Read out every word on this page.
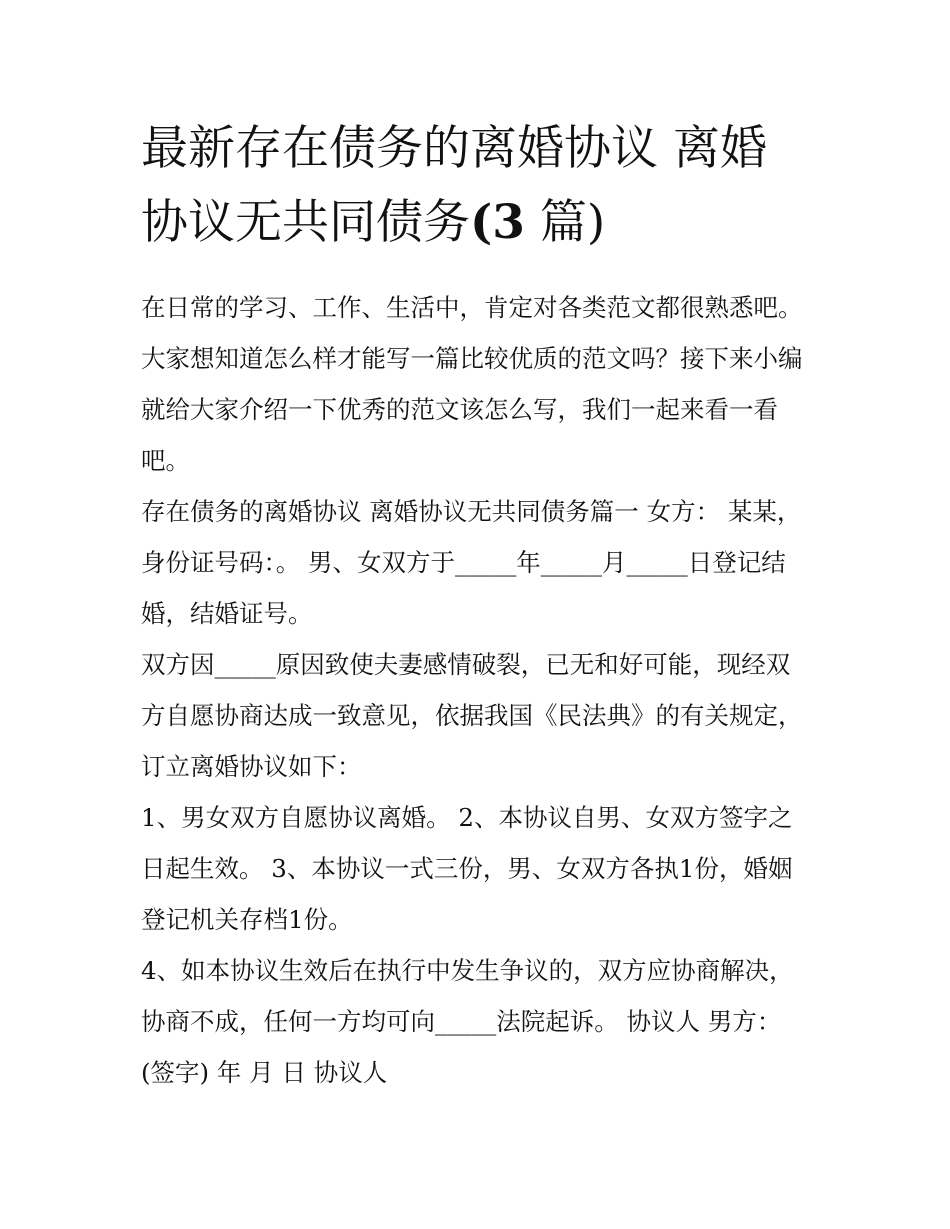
最新存在债务的离婚协议 离婚
协议无共同债务(3 篇)

在日常的学习、工作、生活中，肯定对各类范文都很熟悉吧。
大家想知道怎么样才能写一篇比较优质的范文吗？接下来小编
就给大家介绍一下优秀的范文该怎么写，我们一起来看一看
吧。

存在债务的离婚协议 离婚协议无共同债务篇一 女方： 某某，
身份证号码：。 男、女双方于_____年_____月_____日登记结
婚，结婚证号。

双方因_____原因致使夫妻感情破裂，已无和好可能，现经双
方自愿协商达成一致意见，依据我国《民法典》的有关规定，
订立离婚协议如下：

1、男女双方自愿协议离婚。 2、本协议自男、女双方签字之
日起生效。 3、本协议一式三份，男、女双方各执1份，婚姻
登记机关存档1份。

4、如本协议生效后在执行中发生争议的，双方应协商解决，
协商不成，任何一方均可向_____法院起诉。 协议人 男方：
(签字) 年 月 日 协议人
